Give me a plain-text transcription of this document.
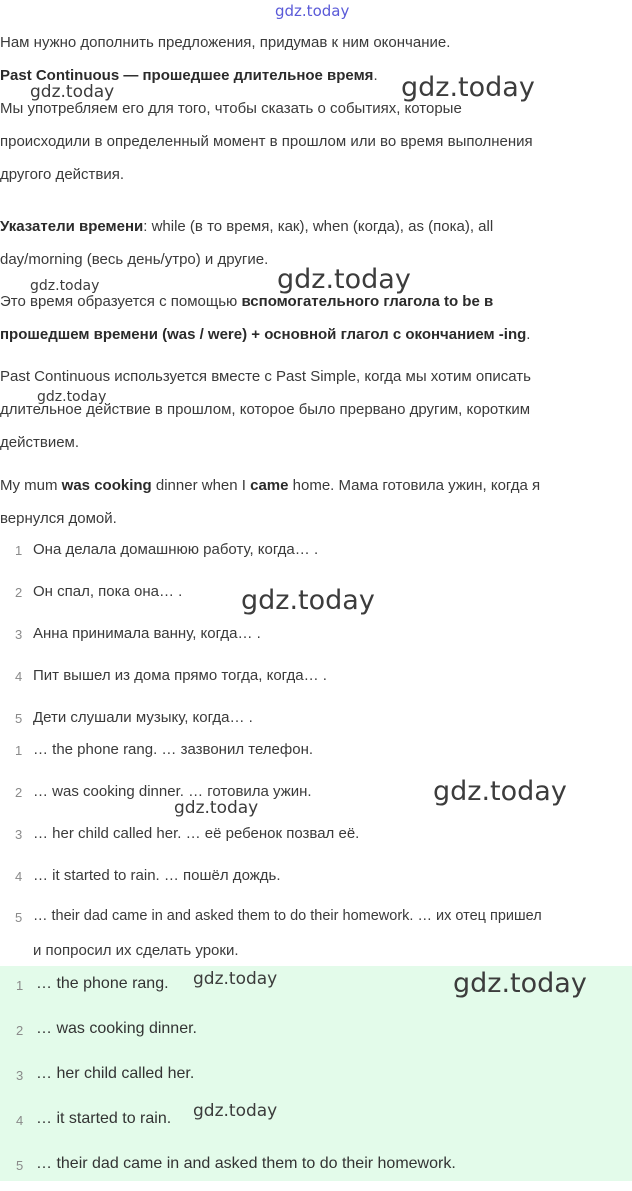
gdz.today
Нам нужно дополнить предложения, придумав к ним окончание.
Past Continuous — прошедшее длительное время.
Мы употребляем его для того, чтобы сказать о событиях, которые
происходили в определенный момент в прошлом или во время выполнения
другого действия.
Указатели времени: while (в то время, как), when (когда), as (пока), all
day/morning (весь день/утро) и другие.
Это время образуется с помощью вспомогательного глагола to be в
прошедшем времени (was / were) + основной глагол с окончанием -ing.
Past Continuous используется вместе с Past Simple, когда мы хотим описать
длительное действие в прошлом, которое было прервано другим, коротким
действием.
My mum was cooking dinner when I came home. Мама готовила ужин, когда я
вернулся домой.
1 Она делала домашнюю работу, когда… .
2 Он спал, пока она… .
3 Анна принимала ванну, когда… .
4 Пит вышел из дома прямо тогда, когда… .
5 Дети слушали музыку, когда… .
1 … the phone rang. … зазвонил телефон.
2 … was cooking dinner. … готовила ужин.
3 … her child called her. … её ребенок позвал её.
4 … it started to rain. … пошёл дождь.
5 … their dad came in and asked them to do their homework. … их отец пришел
и попросил их сделать уроки.
1 … the phone rang.
2 … was cooking dinner.
3 … her child called her.
4 … it started to rain.
5 … their dad came in and asked them to do their homework.
gdz.today	gdz.today
gdz.today	gdz.today
gdz.today
gdz.today
gdz.today
gdz.today
gdz.today	gdz.today
gdz.today
